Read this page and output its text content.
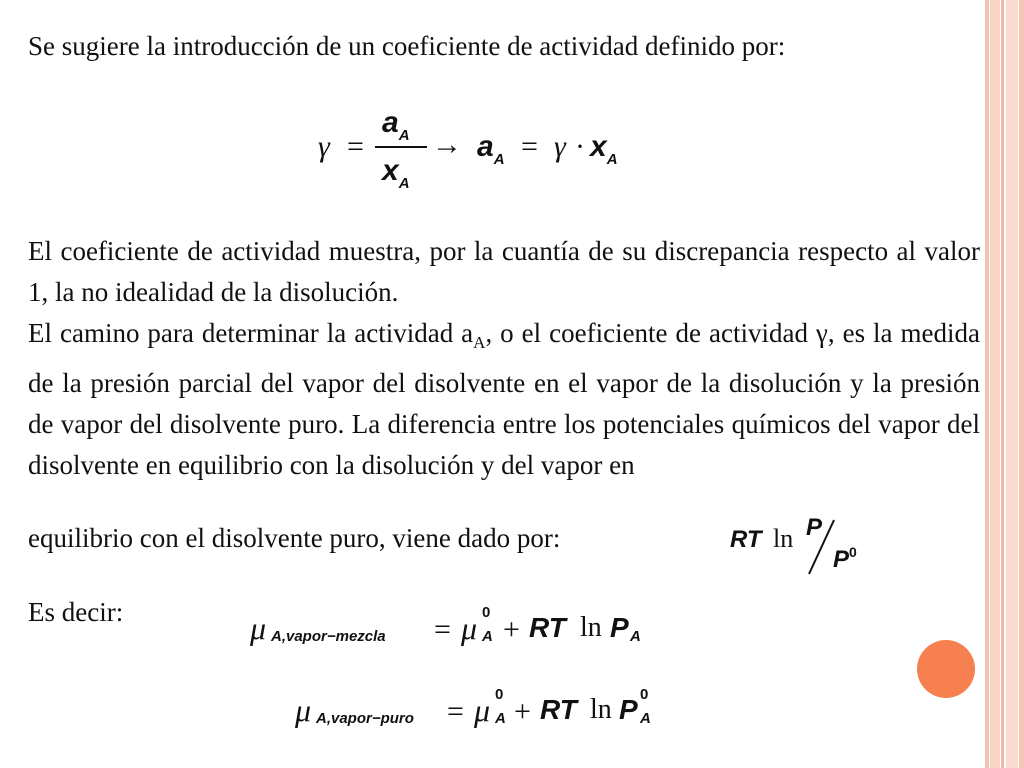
Se sugiere la introducción de un coeficiente de actividad definido por:
γ =
aA
xA
→ aA = γ · xA
El coeficiente de actividad muestra, por la cuantía de su discrepancia respecto al valor 1, la no idealidad de la disolución.
El camino para determinar la actividad $a_A$, o el coeficiente de actividad γ, es la medida de la presión parcial del vapor del disolvente en el vapor de la disolución y la presión de vapor del disolvente puro. La diferencia entre los potenciales químicos del vapor del disolvente en equilibrio con la disolución y del vapor en
equilibrio con el disolvente puro, viene dado por:	RT ln P
P0
Es decir:	μ A,vapor−mezcla = μ 0
A + RT ln P A
μ A,vapor−puro = μ 0
A + RT ln P 0
A
